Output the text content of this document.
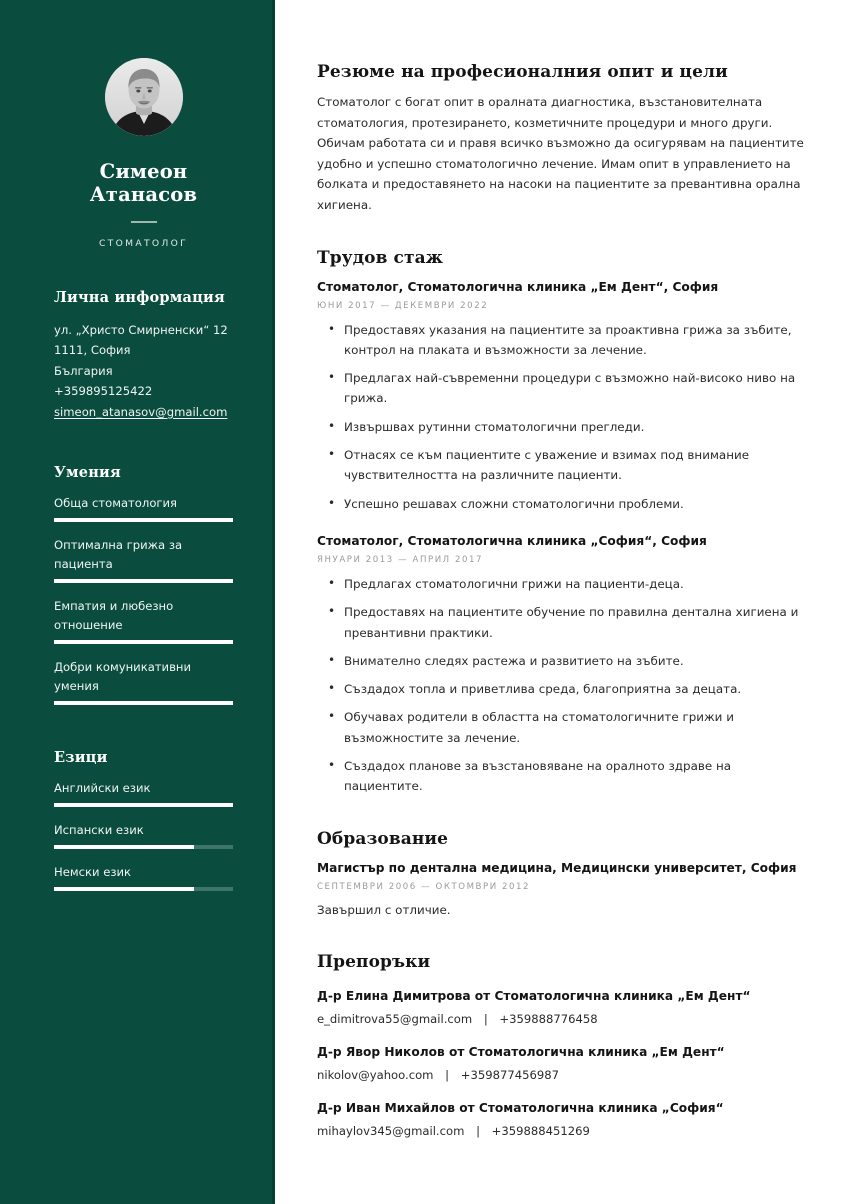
Симеон Атанасов
СТОМАТОЛОГ
Лична информация
ул. „Христо Смирненски“ 12
1111, София
България
+359895125422
simeon_atanasov@gmail.com
Умения
Обща стоматология
Оптимална грижа за пациента
Емпатия и любезно отношение
Добри комуникативни умения
Езици
Английски език
Испански език
Немски език
Резюме на професионалния опит и цели

Стоматолог с богат опит в оралната диагностика, възстановителната стоматология, протезирането, козметичните процедури и много други. Обичам работата си и правя всичко възможно да осигурявам на пациентите удобно и успешно стоматологично лечение. Имам опит в управлението на болката и предоставянето на насоки на пациентите за превантивна орална хигиена.

Трудов стаж
Стоматолог, Стоматологична клиника „Ем Дент“, София
ЮНИ 2017 — ДЕКЕМВРИ 2022
• Предоставях указания на пациентите за проактивна грижа за зъбите, контрол на плаката и възможности за лечение.
• Предлагах най-съвременни процедури с възможно най-високо ниво на грижа.
• Извършвах рутинни стоматологични прегледи.
• Отнасях се към пациентите с уважение и взимах под внимание чувствителността на различните пациенти.
• Успешно решавах сложни стоматологични проблеми.
Стоматолог, Стоматологична клиника „София“, София
ЯНУАРИ 2013 — АПРИЛ 2017
• Предлагах стоматологични грижи на пациенти-деца.
• Предоставях на пациентите обучение по правилна дентална хигиена и превантивни практики.
• Внимателно следях растежа и развитието на зъбите.
• Създадох топла и приветлива среда, благоприятна за децата.
• Обучавах родители в областта на стоматологичните грижи и възможностите за лечение.
• Създадох планове за възстановяване на оралното здраве на пациентите.
Образование
Магистър по дентална медицина, Медицински университет, София
СЕПТЕМВРИ 2006 — ОКТОМВРИ 2012
Завършил с отличие.
Препоръки
Д-р Елина Димитрова от Стоматологична клиника „Ем Дент“
e_dimitrova55@gmail.com | +359888776458
Д-р Явор Николов от Стоматологична клиника „Ем Дент“
nikolov@yahoo.com | +359877456987
Д-р Иван Михайлов от Стоматологична клиника „София“
mihaylov345@gmail.com | +359888451269
